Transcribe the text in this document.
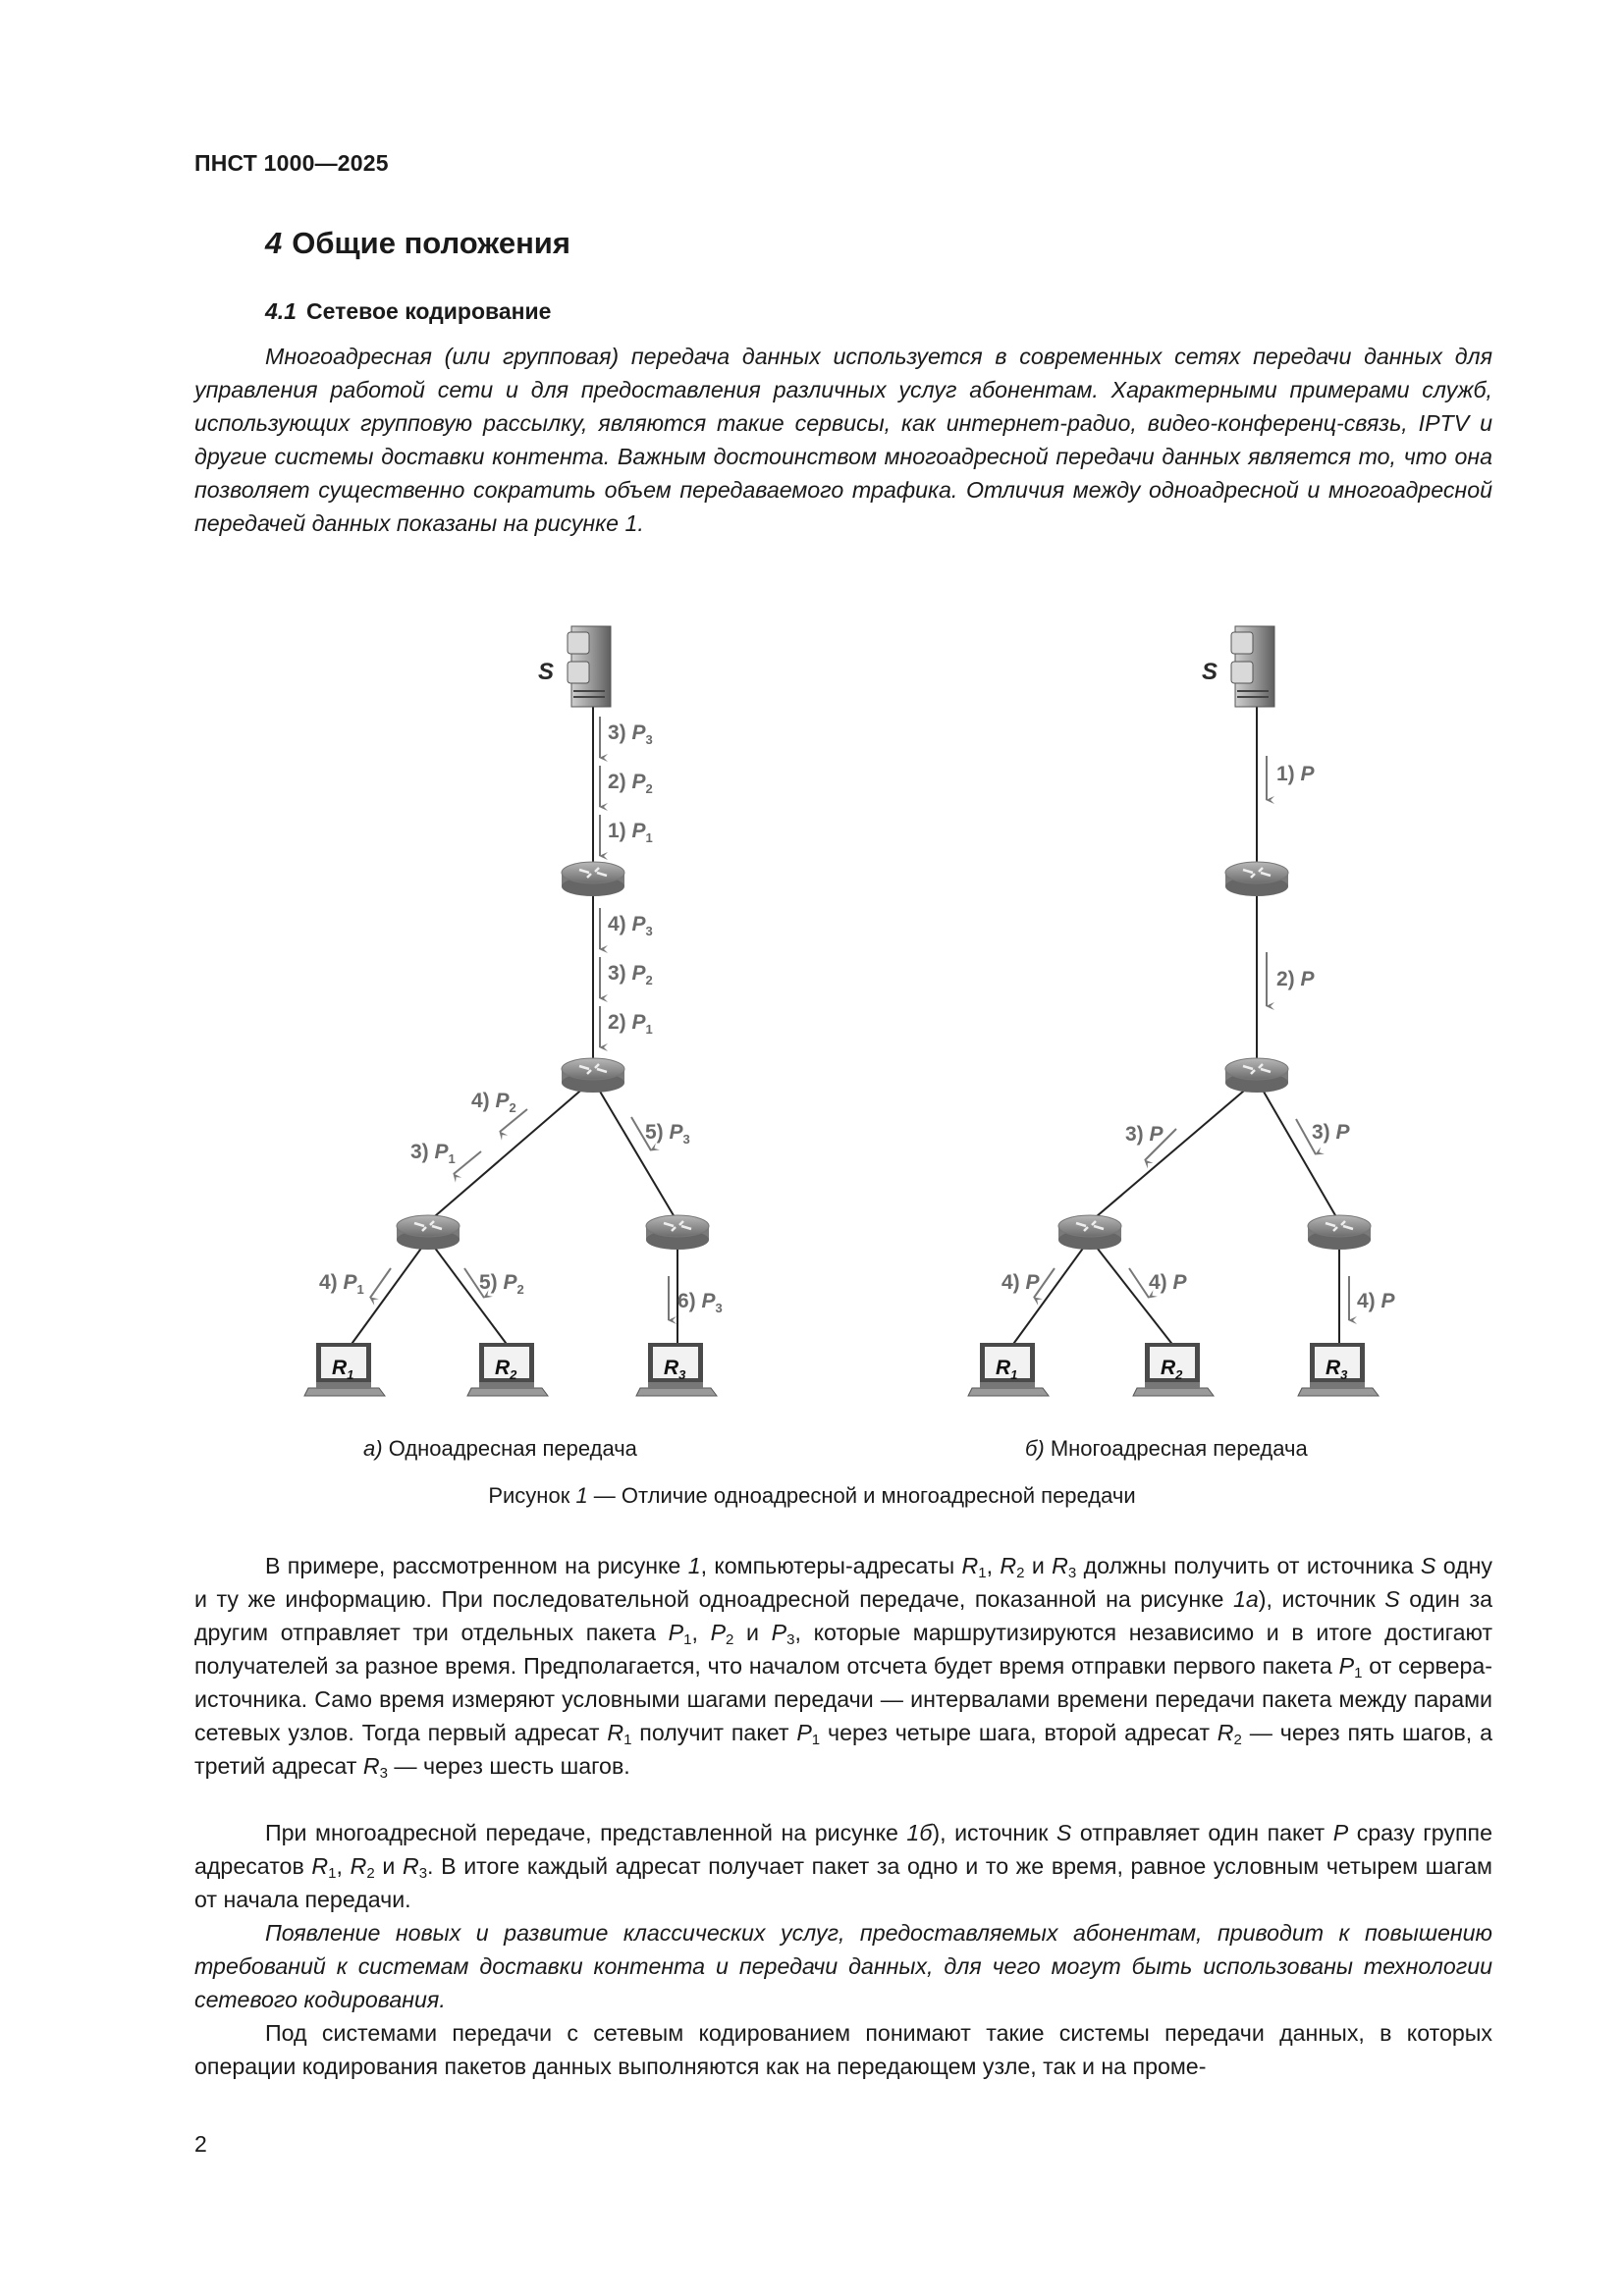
ПНСТ 1000—2025
4 Общие положения
4.1 Сетевое кодирование

Многоадресная (или групповая) передача данных используется в современных сетях передачи данных для управления работой сети и для предоставления различных услуг абонентам. Характерными примерами служб, использующих групповую рассылку, являются такие сервисы, как интернет-радио, видео-конференц-связь, IPTV и другие системы доставки контента. Важным достоинством многоадресной передачи данных является то, что она позволяет существенно сократить объем передаваемого трафика. Отличия между одноадресной и многоадресной передачей данных показаны на рисунке 1.

S
$R_1$	$R_2$	$R_3$
3) $P_3$
2) $P_2$
1) $P_1$
4) $P_3$
3) $P_2$
2) $P_1$
4) $P_2$
3) $P_1$
5) $P_3$
4) $P_1$	5) $P_2$
6) $P_3$
S
$R_1$	$R_2$	$R_3$
1) P
2) P
3) P	3) P
4) P	4) P
4) P
а) Одноадресная передача	б) Многоадресная передача
Рисунок 1 — Отличие одноадресной и многоадресной передачи

В примере, рассмотренном на рисунке 1, компьютеры-адресаты $R_1$, $R_2$ и $R_3$ должны получить от источника S одну и ту же информацию. При последовательной одноадресной передаче, показанной на рисунке 1а), источник S один за другим отправляет три отдельных пакета $P_1$, $P_2$ и $P_3$, которые маршрутизируются независимо и в итоге достигают получателей за разное время. Предполагается, что началом отсчета будет время отправки первого пакета $P_1$ от сервера-источника. Само время измеряют условными шагами передачи — интервалами времени передачи пакета между парами сетевых узлов. Тогда первый адресат $R_1$ получит пакет $P_1$ через четыре шага, второй адресат $R_2$ — через пять шагов, а третий адресат $R_3$ — через шесть шагов.

При многоадресной передаче, представленной на рисунке 1б), источник S отправляет один пакет P сразу группе адресатов $R_1$, $R_2$ и $R_3$. В итоге каждый адресат получает пакет за одно и то же время, равное условным четырем шагам от начала передачи.

Появление новых и развитие классических услуг, предоставляемых абонентам, приводит к повышению требований к системам доставки контента и передачи данных, для чего могут быть использованы технологии сетевого кодирования.

Под системами передачи с сетевым кодированием понимают такие системы передачи данных, в которых операции кодирования пакетов данных выполняются как на передающем узле, так и на проме-

2
